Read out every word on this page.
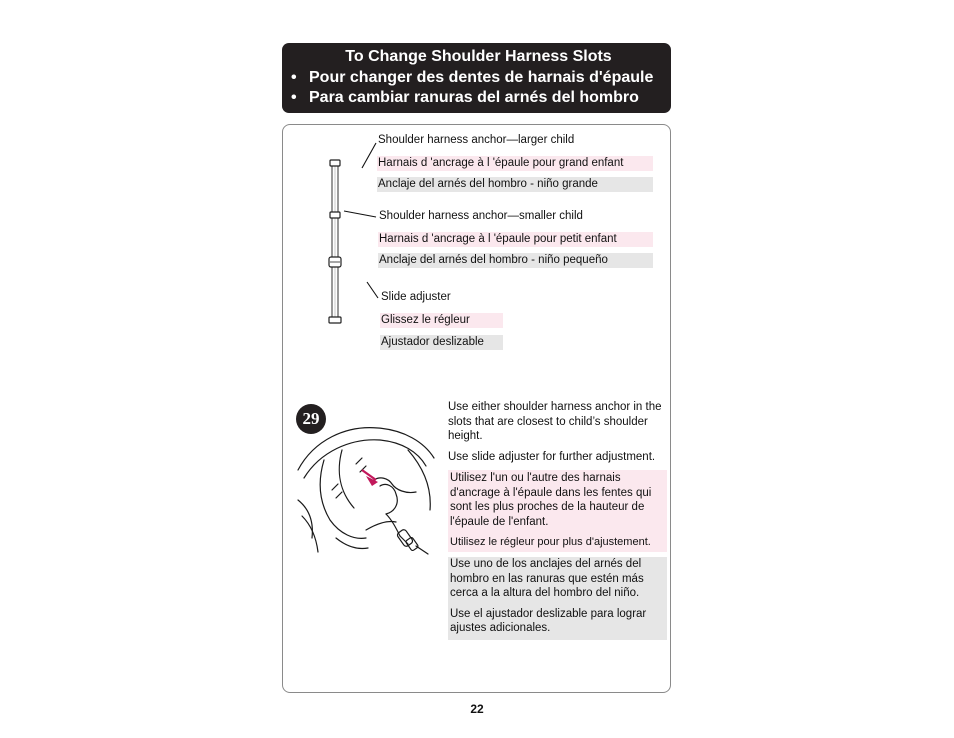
To Change Shoulder Harness Slots
• Pour changer des dentes de harnais d'épaule
• Para cambiar ranuras del arnés del hombro
Shoulder harness anchor—larger child
Harnais d 'ancrage à l 'épaule pour grand enfant
Anclaje del arnés del hombro - niño grande
Shoulder harness anchor—smaller child
Harnais d 'ancrage à l 'épaule pour petit enfant
Anclaje del arnés del hombro - niño pequeño
Slide adjuster
Glissez le régleur
Ajustador deslizable
29

Use either shoulder harness anchor in the slots that are closest to child’s shoulder height.

Use slide adjuster for further adjustment.

Utilisez l'un ou l'autre des harnais d'ancrage à l'épaule dans les fentes qui sont les plus proches de la hauteur de l'épaule de l'enfant.

Utilisez le régleur pour plus d'ajustement.

Use uno de los anclajes del arnés del hombro en las ranuras que estén más cerca a la altura del hombro del niño.

Use el ajustador deslizable para lograr ajustes adicionales.

22
